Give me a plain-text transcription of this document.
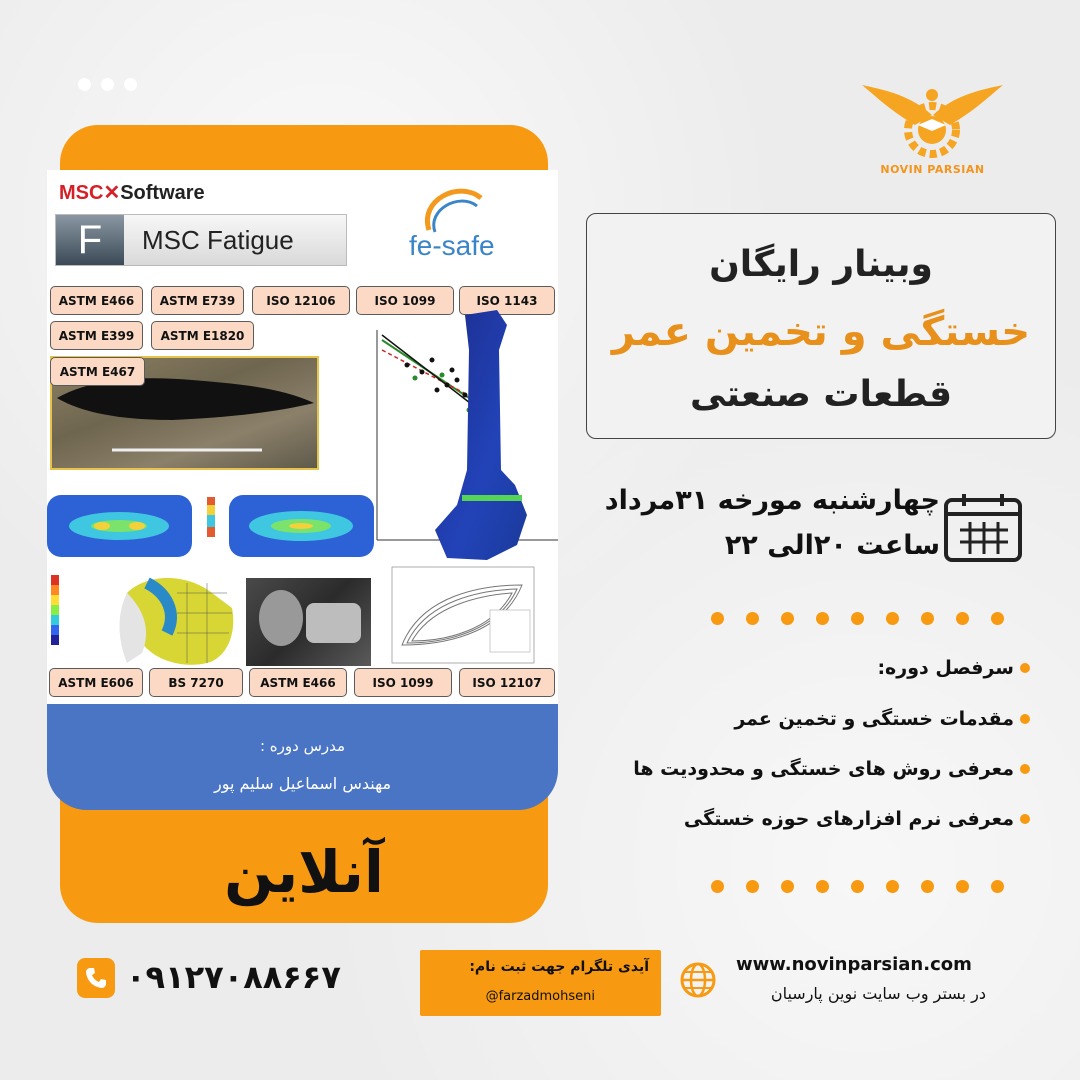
MSC✕Software
F	MSC Fatigue	fe-safe
ASTM E466	ASTM E739	ISO 12106	ISO 1099	ISO 1143
ASTM E399	ASTM E1820
ASTM E467
ASTM E606	BS 7270	ASTM E466	ISO 1099	ISO 12107
مدرس دوره :
مهندس اسماعیل سلیم پور
آنلاین
NOVIN PARSIAN
وبینار رایگان
خستگی و تخمین عمر
قطعات صنعتی
چهارشنبه مورخه ۳۱مرداد
ساعت ۲۰الی ۲۲
سرفصل دوره:
مقدمات خستگی و تخمین عمر
معرفی روش های خستگی و محدودیت ها
معرفی نرم افزارهای حوزه خستگی
۰۹۱۲۷۰۸۸۶۶۷	آیدی تلگرام جهت ثبت نام:
@farzadmohseni
www.novinparsian.com
در بستر وب سایت نوین پارسیان
